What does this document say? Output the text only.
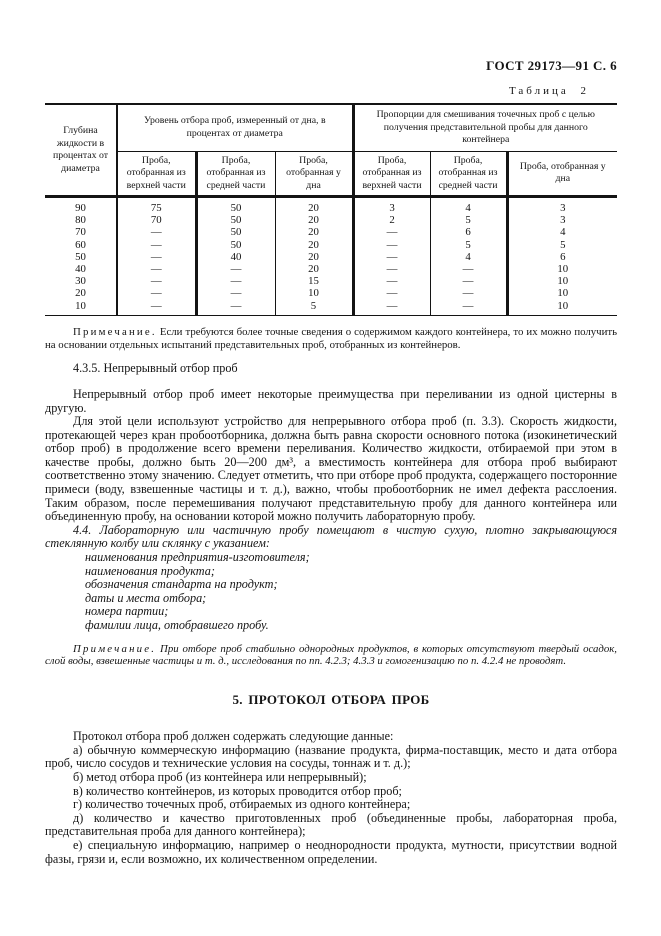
ГОСТ 29173—91 С. 6
Таблица 2
Глубина жидкости в процентах от диаметра	Уровень отбора проб, измеренный от дна, в процентах от диаметра			Пропорции для смешивания точечных проб с целью получения представительной пробы для данного контейнера		
	Проба, отобранная из верхней части	Проба, отобранная из средней части	Проба, отобранная у дна	Проба, отобранная из верхней части	Проба, отобранная из средней части	Проба, отобранная у дна
90	75	50	20	3	4	3
80	70	50	20	2	5	3
70	—	50	20	—	6	4
60	—	50	20	—	5	5
50	—	40	20	—	4	6
40	—	—	20	—	—	10
30	—	—	15	—	—	10
20	—	—	10	—	—	10
10	—	—	5	—	—	10

Примечание. Если требуются более точные сведения о содержимом каждого контейнера, то их можно получить на основании отдельных испытаний представительных проб, отобранных из контейнеров.

4.3.5. Непрерывный отбор проб

Непрерывный отбор проб имеет некоторые преимущества при переливании из одной цистерны в другую.

Для этой цели используют устройство для непрерывного отбора проб (п. 3.3). Скорость жидкости, протекающей через кран пробоотборника, должна быть равна скорости основного потока (изокинетический отбор проб) в продолжение всего времени переливания. Количество жидкости, отбираемой при этом в качестве пробы, должно быть 20—200 дм³, а вместимость контейнера для отбора проб выбирают соответственно этому значению. Следует отметить, что при отборе проб продукта, содержащего посторонние примеси (воду, взвешенные частицы и т. д.), важно, чтобы пробоотборник не имел дефекта расслоения. Таким образом, после перемешивания получают представительную пробу для данного контейнера или объединенную пробу, на основании которой можно получить лабораторную пробу.

4.4. Лабораторную или частичную пробу помещают в чистую сухую, плотно закрывающуюся стеклянную колбу или склянку с указанием:

наименования предприятия-изготовителя;
наименования продукта;
обозначения стандарта на продукт;
даты и места отбора;
номера партии;
фамилии лица, отобравшего пробу.

Примечание. При отборе проб стабильно однородных продуктов, в которых отсутствуют твердый осадок, слой воды, взвешенные частицы и т. д., исследования по пп. 4.2.3; 4.3.3 и гомогенизацию по п. 4.2.4 не проводят.

5. ПРОТОКОЛ ОТБОРА ПРОБ

Протокол отбора проб должен содержать следующие данные:

а) обычную коммерческую информацию (название продукта, фирма-поставщик, место и дата отбора проб, число сосудов и технические условия на сосуды, тоннаж и т. д.);

б) метод отбора проб (из контейнера или непрерывный);

в) количество контейнеров, из которых проводится отбор проб;

г) количество точечных проб, отбираемых из одного контейнера;

д) количество и качество приготовленных проб (объединенные пробы, лабораторная проба, представительная проба для данного контейнера);

е) специальную информацию, например о неоднородности продукта, мутности, присутствии водной фазы, грязи и, если возможно, их количественном определении.
